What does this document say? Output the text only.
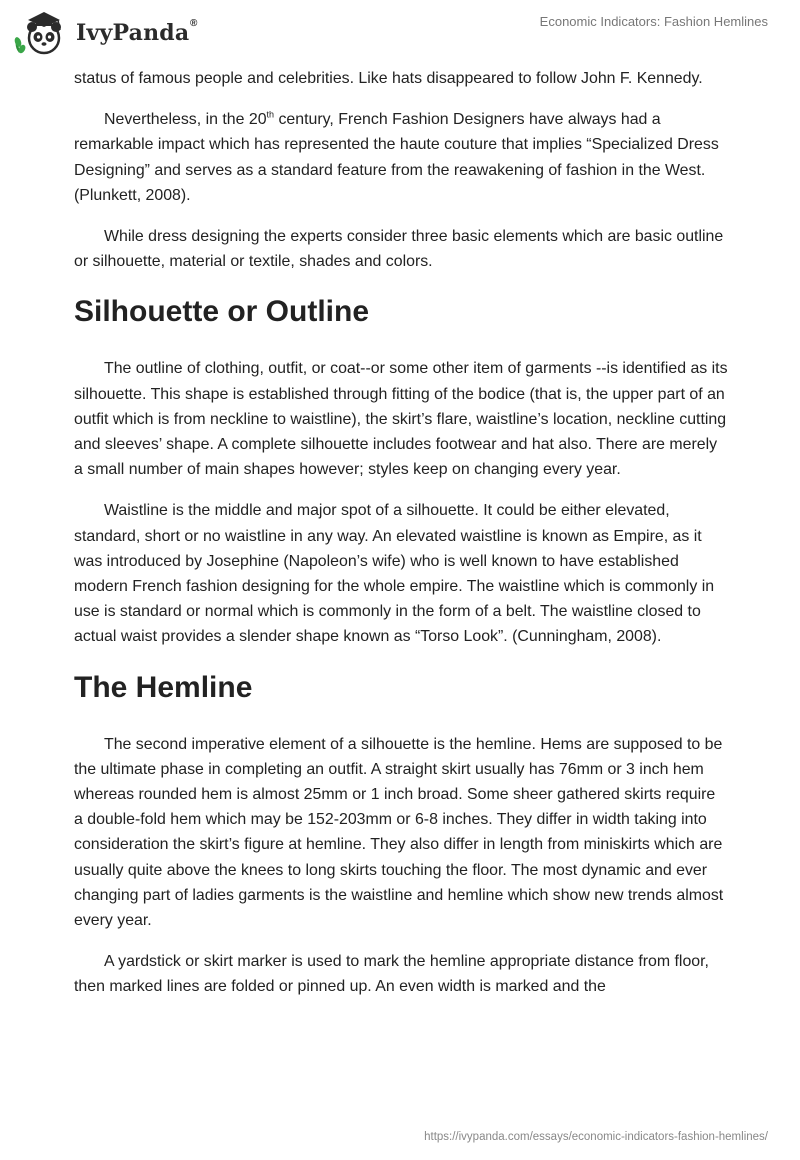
IvyPanda ®	Economic Indicators: Fashion Hemlines

status of famous people and celebrities. Like hats disappeared to follow John F. Kennedy.

Nevertheless, in the 20th century, French Fashion Designers have always had a remarkable impact which has represented the haute couture that implies “Specialized Dress Designing” and serves as a standard feature from the reawakening of fashion in the West. (Plunkett, 2008).

While dress designing the experts consider three basic elements which are basic outline or silhouette, material or textile, shades and colors.

Silhouette or Outline

The outline of clothing, outfit, or coat--or some other item of garments --is identified as its silhouette. This shape is established through fitting of the bodice (that is, the upper part of an outfit which is from neckline to waistline), the skirt’s flare, waistline’s location, neckline cutting and sleeves’ shape. A complete silhouette includes footwear and hat also. There are merely a small number of main shapes however; styles keep on changing every year.

Waistline is the middle and major spot of a silhouette. It could be either elevated, standard, short or no waistline in any way. An elevated waistline is known as Empire, as it was introduced by Josephine (Napoleon’s wife) who is well known to have established modern French fashion designing for the whole empire. The waistline which is commonly in use is standard or normal which is commonly in the form of a belt. The waistline closed to actual waist provides a slender shape known as “Torso Look”. (Cunningham, 2008).

The Hemline

The second imperative element of a silhouette is the hemline. Hems are supposed to be the ultimate phase in completing an outfit. A straight skirt usually has 76mm or 3 inch hem whereas rounded hem is almost 25mm or 1 inch broad. Some sheer gathered skirts require a double-fold hem which may be 152-203mm or 6-8 inches. They differ in width taking into consideration the skirt’s figure at hemline. They also differ in length from miniskirts which are usually quite above the knees to long skirts touching the floor. The most dynamic and ever changing part of ladies garments is the waistline and hemline which show new trends almost every year.

A yardstick or skirt marker is used to mark the hemline appropriate distance from floor, then marked lines are folded or pinned up. An even width is marked and the

https://ivypanda.com/essays/economic-indicators-fashion-hemlines/
